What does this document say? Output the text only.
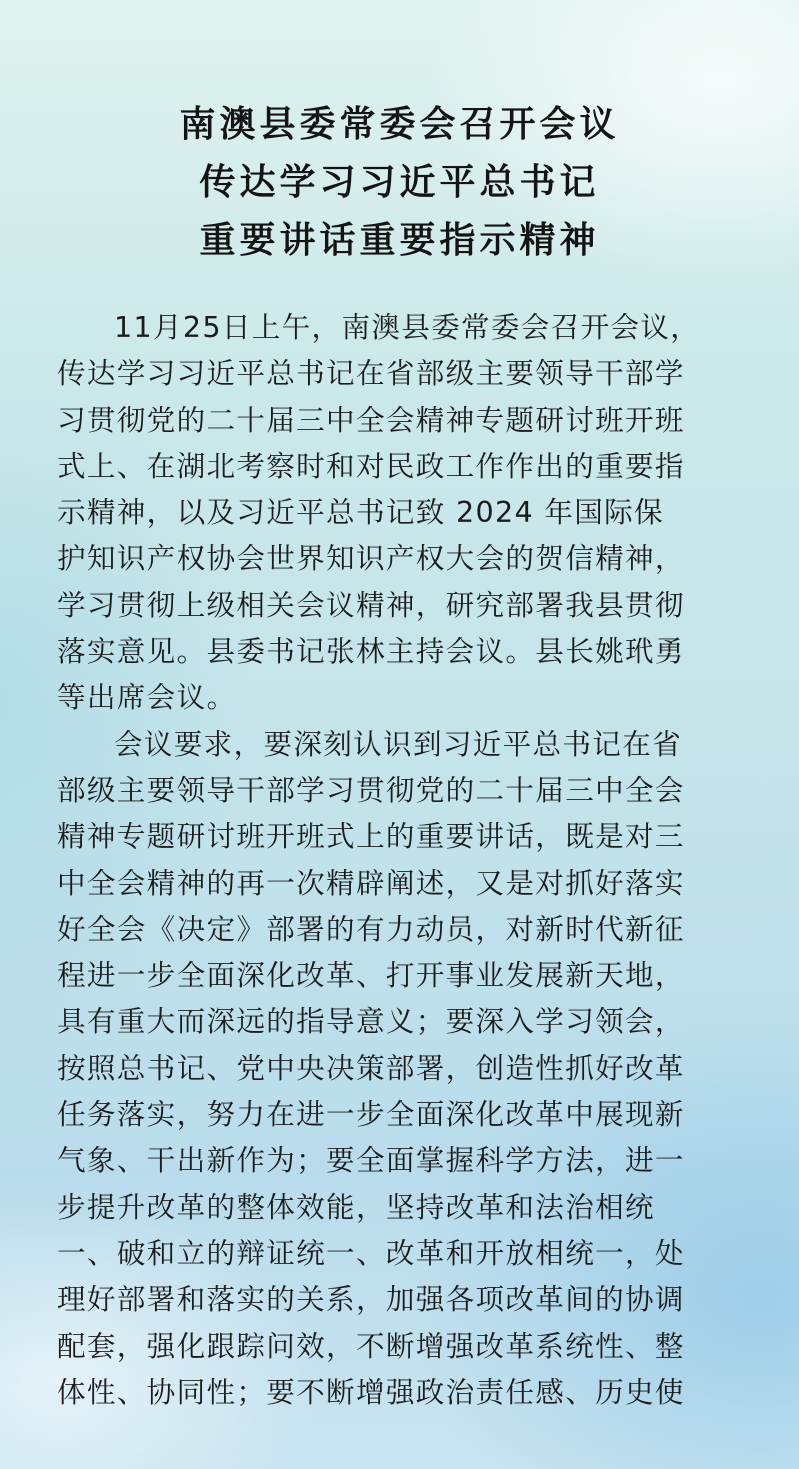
南澳县委常委会召开会议
传达学习习近平总书记
重要讲话重要指示精神
11月25日上午，南澳县委常委会召开会议，
传达学习习近平总书记在省部级主要领导干部学
习贯彻党的二十届三中全会精神专题研讨班开班
式上、在湖北考察时和对民政工作作出的重要指
示精神，以及习近平总书记致 2024 年国际保
护知识产权协会世界知识产权大会的贺信精神，
学习贯彻上级相关会议精神，研究部署我县贯彻
落实意见。县委书记张林主持会议。县长姚玳勇
等出席会议。
会议要求，要深刻认识到习近平总书记在省
部级主要领导干部学习贯彻党的二十届三中全会
精神专题研讨班开班式上的重要讲话，既是对三
中全会精神的再一次精辟阐述，又是对抓好落实
好全会《决定》部署的有力动员，对新时代新征
程进一步全面深化改革、打开事业发展新天地，
具有重大而深远的指导意义；要深入学习领会，
按照总书记、党中央决策部署，创造性抓好改革
任务落实，努力在进一步全面深化改革中展现新
气象、干出新作为；要全面掌握科学方法，进一
步提升改革的整体效能，坚持改革和法治相统
一、破和立的辩证统一、改革和开放相统一，处
理好部署和落实的关系，加强各项改革间的协调
配套，强化跟踪问效，不断增强改革系统性、整
体性、协同性；要不断增强政治责任感、历史使
